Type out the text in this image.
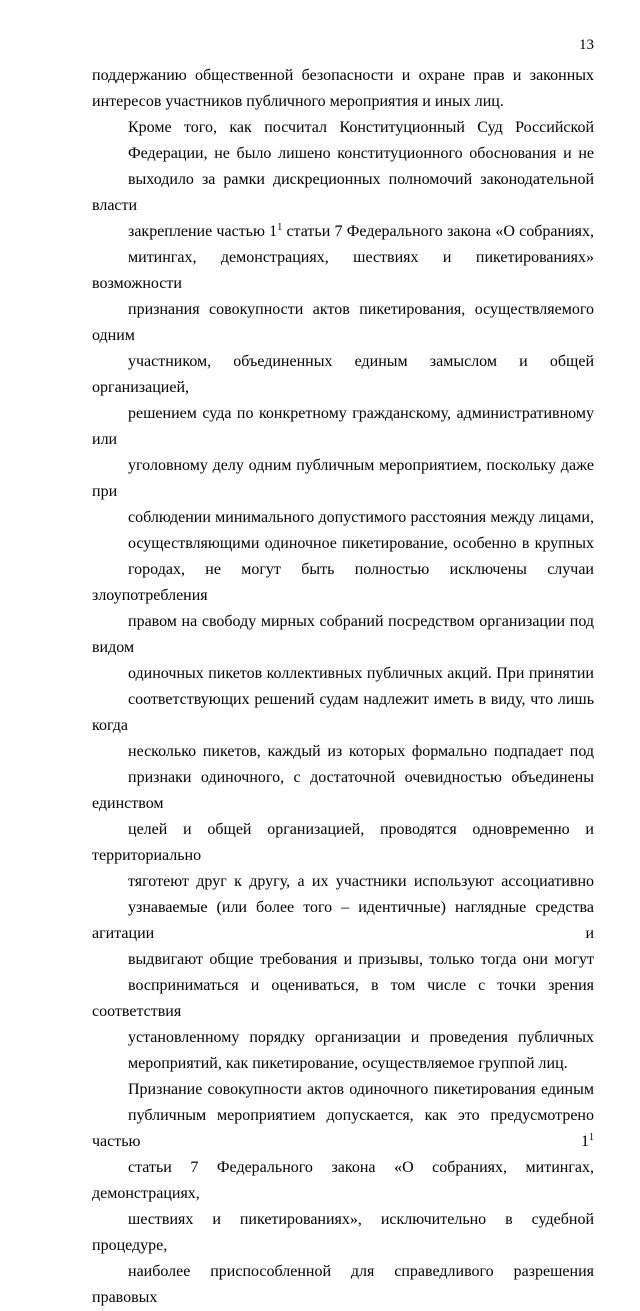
13

поддержанию общественной безопасности и охране прав и законных
интересов участников публичного мероприятия и иных лиц.

Кроме того, как посчитал Конституционный Суд Российской
Федерации, не было лишено конституционного обоснования и не
выходило за рамки дискреционных полномочий законодательной власти
закрепление частью $1^1$ статьи 7 Федерального закона «О собраниях,
митингах, демонстрациях, шествиях и пикетированиях» возможности
признания совокупности актов пикетирования, осуществляемого одним
участником, объединенных единым замыслом и общей организацией,
решением суда по конкретному гражданскому, административному или
уголовному делу одним публичным мероприятием, поскольку даже при
соблюдении минимального допустимого расстояния между лицами,
осуществляющими одиночное пикетирование, особенно в крупных
городах, не могут быть полностью исключены случаи злоупотребления
правом на свободу мирных собраний посредством организации под видом
одиночных пикетов коллективных публичных акций. При принятии
соответствующих решений судам надлежит иметь в виду, что лишь когда
несколько пикетов, каждый из которых формально подпадает под
признаки одиночного, с достаточной очевидностью объединены единством
целей и общей организацией, проводятся одновременно и территориально
тяготеют друг к другу, а их участники используют ассоциативно
узнаваемые (или более того – идентичные) наглядные средства агитации и
выдвигают общие требования и призывы, только тогда они могут
восприниматься и оцениваться, в том числе с точки зрения соответствия
установленному порядку организации и проведения публичных
мероприятий, как пикетирование, осуществляемое группой лиц.

Признание совокупности актов одиночного пикетирования единым
публичным мероприятием допускается, как это предусмотрено частью $1^1$
статьи 7 Федерального закона «О собраниях, митингах, демонстрациях,
шествиях и пикетированиях», исключительно в судебной процедуре,
наиболее приспособленной для справедливого разрешения правовых
